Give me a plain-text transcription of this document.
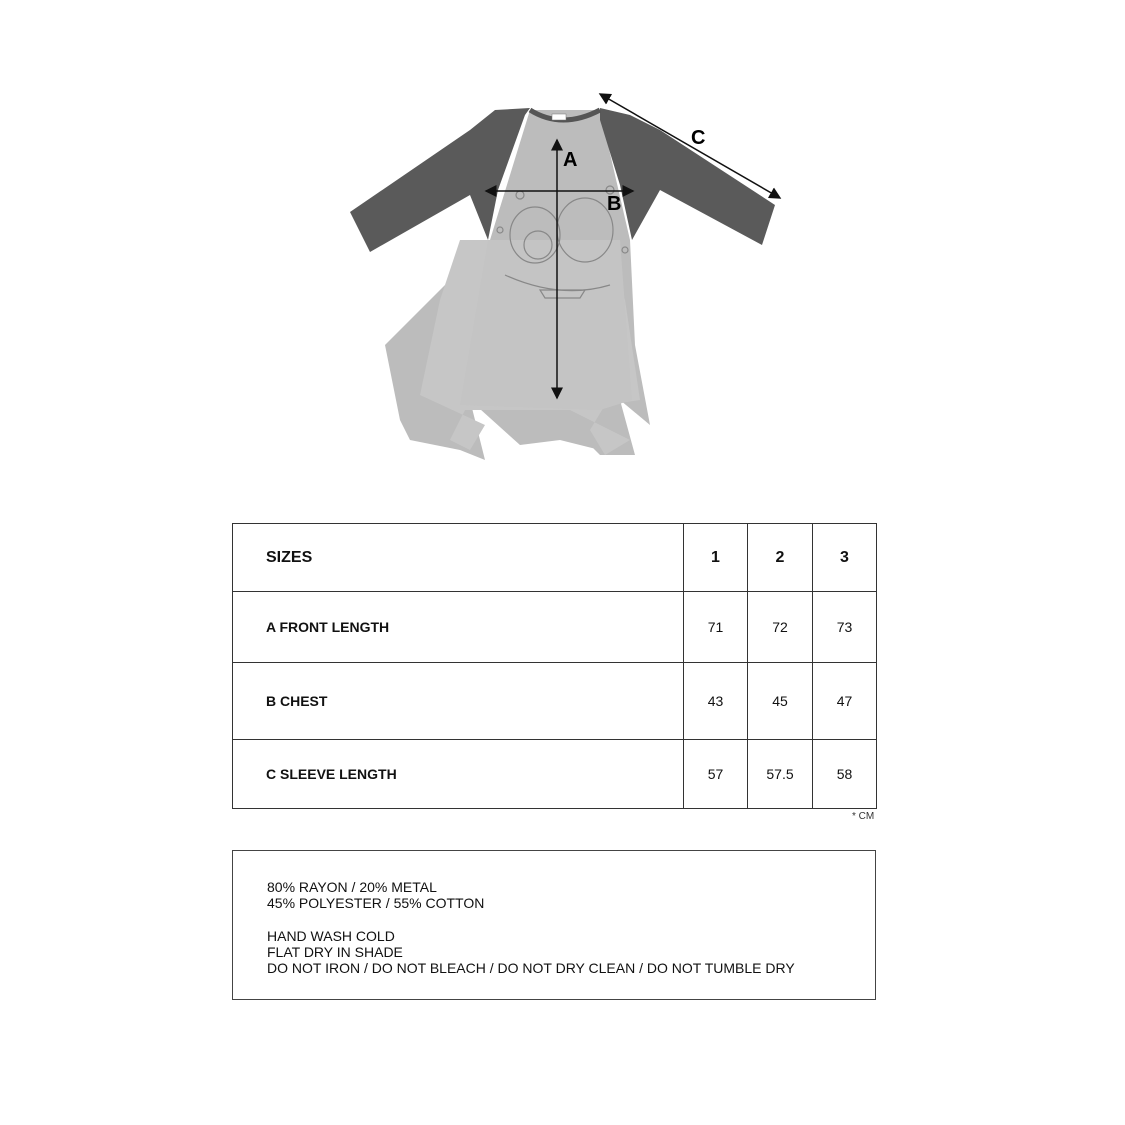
A
B
C
SIZES	1	2	3
A FRONT LENGTH	71	72	73
B CHEST	43	45	47
C SLEEVE LENGTH	57	57.5	58
* CM
80% RAYON / 20% METAL
45% POLYESTER / 55% COTTON
HAND WASH COLD
FLAT DRY IN SHADE
DO NOT IRON / DO NOT BLEACH / DO NOT DRY CLEAN / DO NOT TUMBLE DRY
